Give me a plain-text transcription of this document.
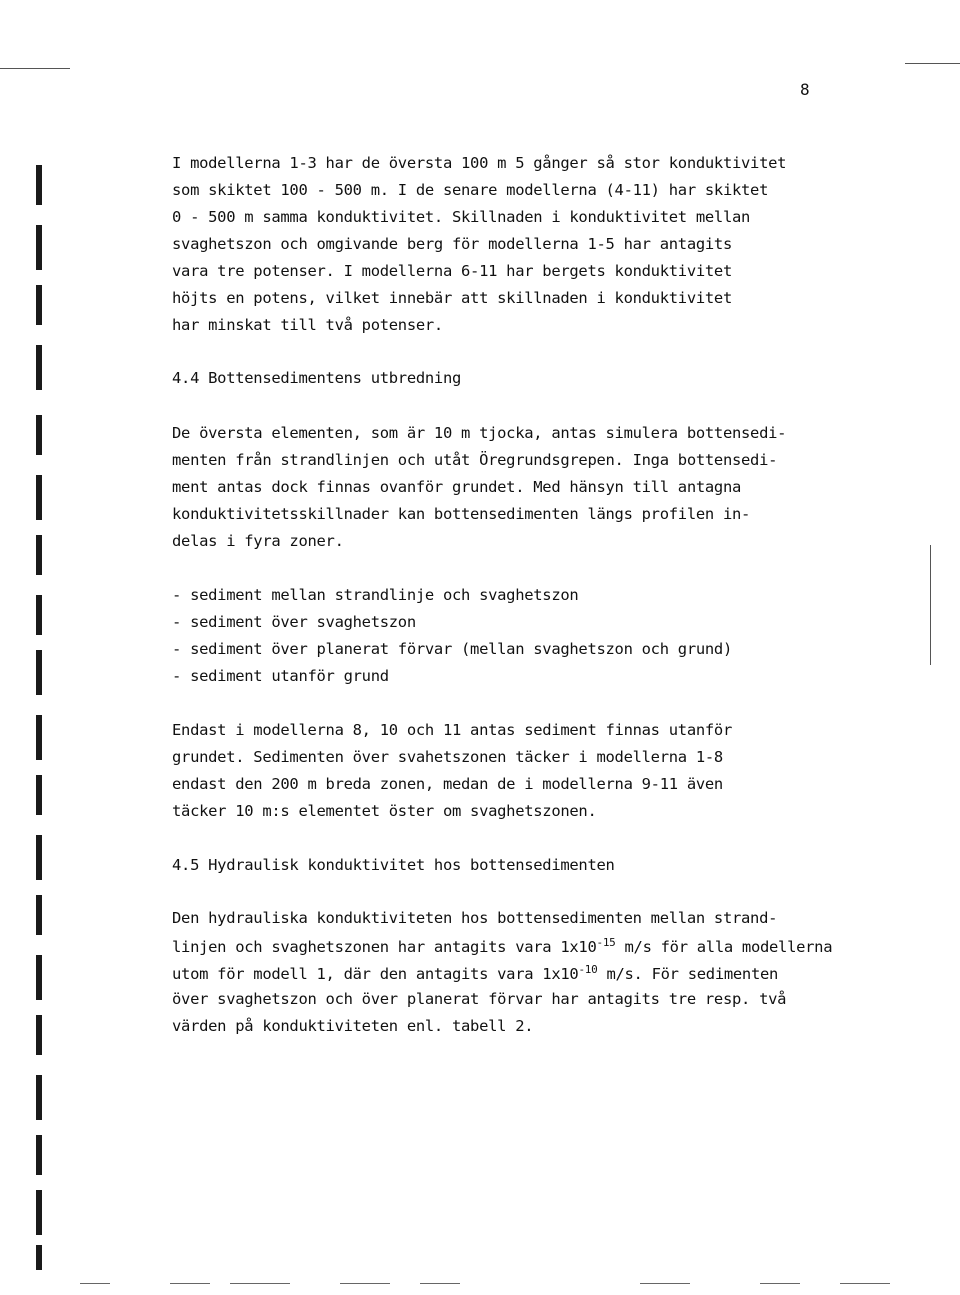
8
I modellerna 1-3 har de översta 100 m 5 gånger så stor konduktivitet
som skiktet 100 - 500 m. I de senare modellerna (4-11) har skiktet
0 - 500 m samma konduktivitet. Skillnaden i konduktivitet mellan
svaghetszon och omgivande berg för modellerna 1-5 har antagits
vara tre potenser. I modellerna 6-11 har bergets konduktivitet
höjts en potens, vilket innebär att skillnaden i konduktivitet
har minskat till två potenser.
4.4 Bottensedimentens utbredning
De översta elementen, som är 10 m tjocka, antas simulera bottensedi-
menten från strandlinjen och utåt Öregrundsgrepen. Inga bottensedi-
ment antas dock finnas ovanför grundet. Med hänsyn till antagna
konduktivitetsskillnader kan bottensedimenten längs profilen in-
delas i fyra zoner.
- sediment mellan strandlinje och svaghetszon
- sediment över svaghetszon
- sediment över planerat förvar (mellan svaghetszon och grund)
- sediment utanför grund
Endast i modellerna 8, 10 och 11 antas sediment finnas utanför
grundet. Sedimenten över svahetszonen täcker i modellerna 1-8
endast den 200 m breda zonen, medan de i modellerna 9-11 även
täcker 10 m:s elementet öster om svaghetszonen.
4.5 Hydraulisk konduktivitet hos bottensedimenten
Den hydrauliska konduktiviteten hos bottensedimenten mellan strand-
linjen och svaghetszonen har antagits vara $1x10^{-15}$ m/s för alla modellerna
utom för modell 1, där den antagits vara $1x10^{-10}$ m/s. För sedimenten
över svaghetszon och över planerat förvar har antagits tre resp. två
värden på konduktiviteten enl. tabell 2.
